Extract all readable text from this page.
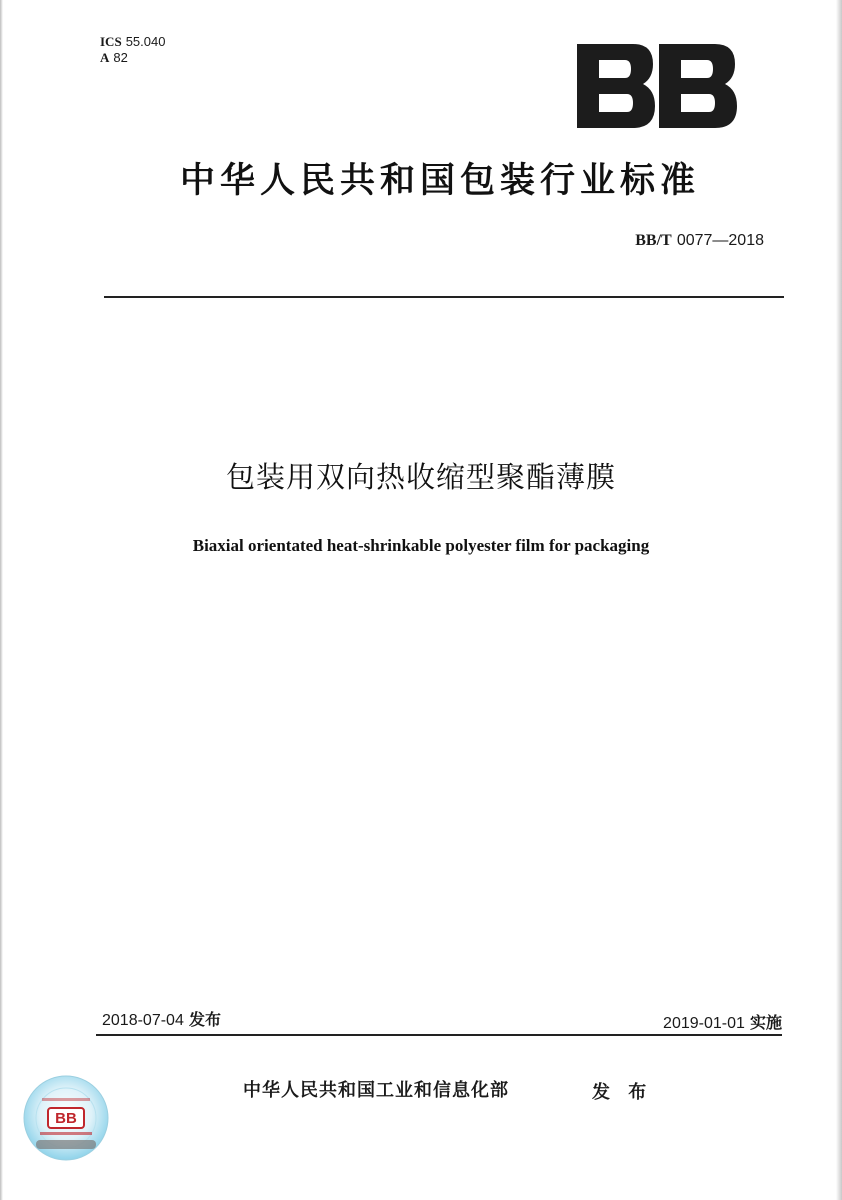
ICS 55.040
A 82
中华人民共和国包装行业标准
BB/T 0077—2018
包装用双向热收缩型聚酯薄膜
Biaxial orientated heat-shrinkable polyester film for packaging
2018-07-04 发布	2019-01-01 实施
中华人民共和国工业和信息化部	发 布
BB
